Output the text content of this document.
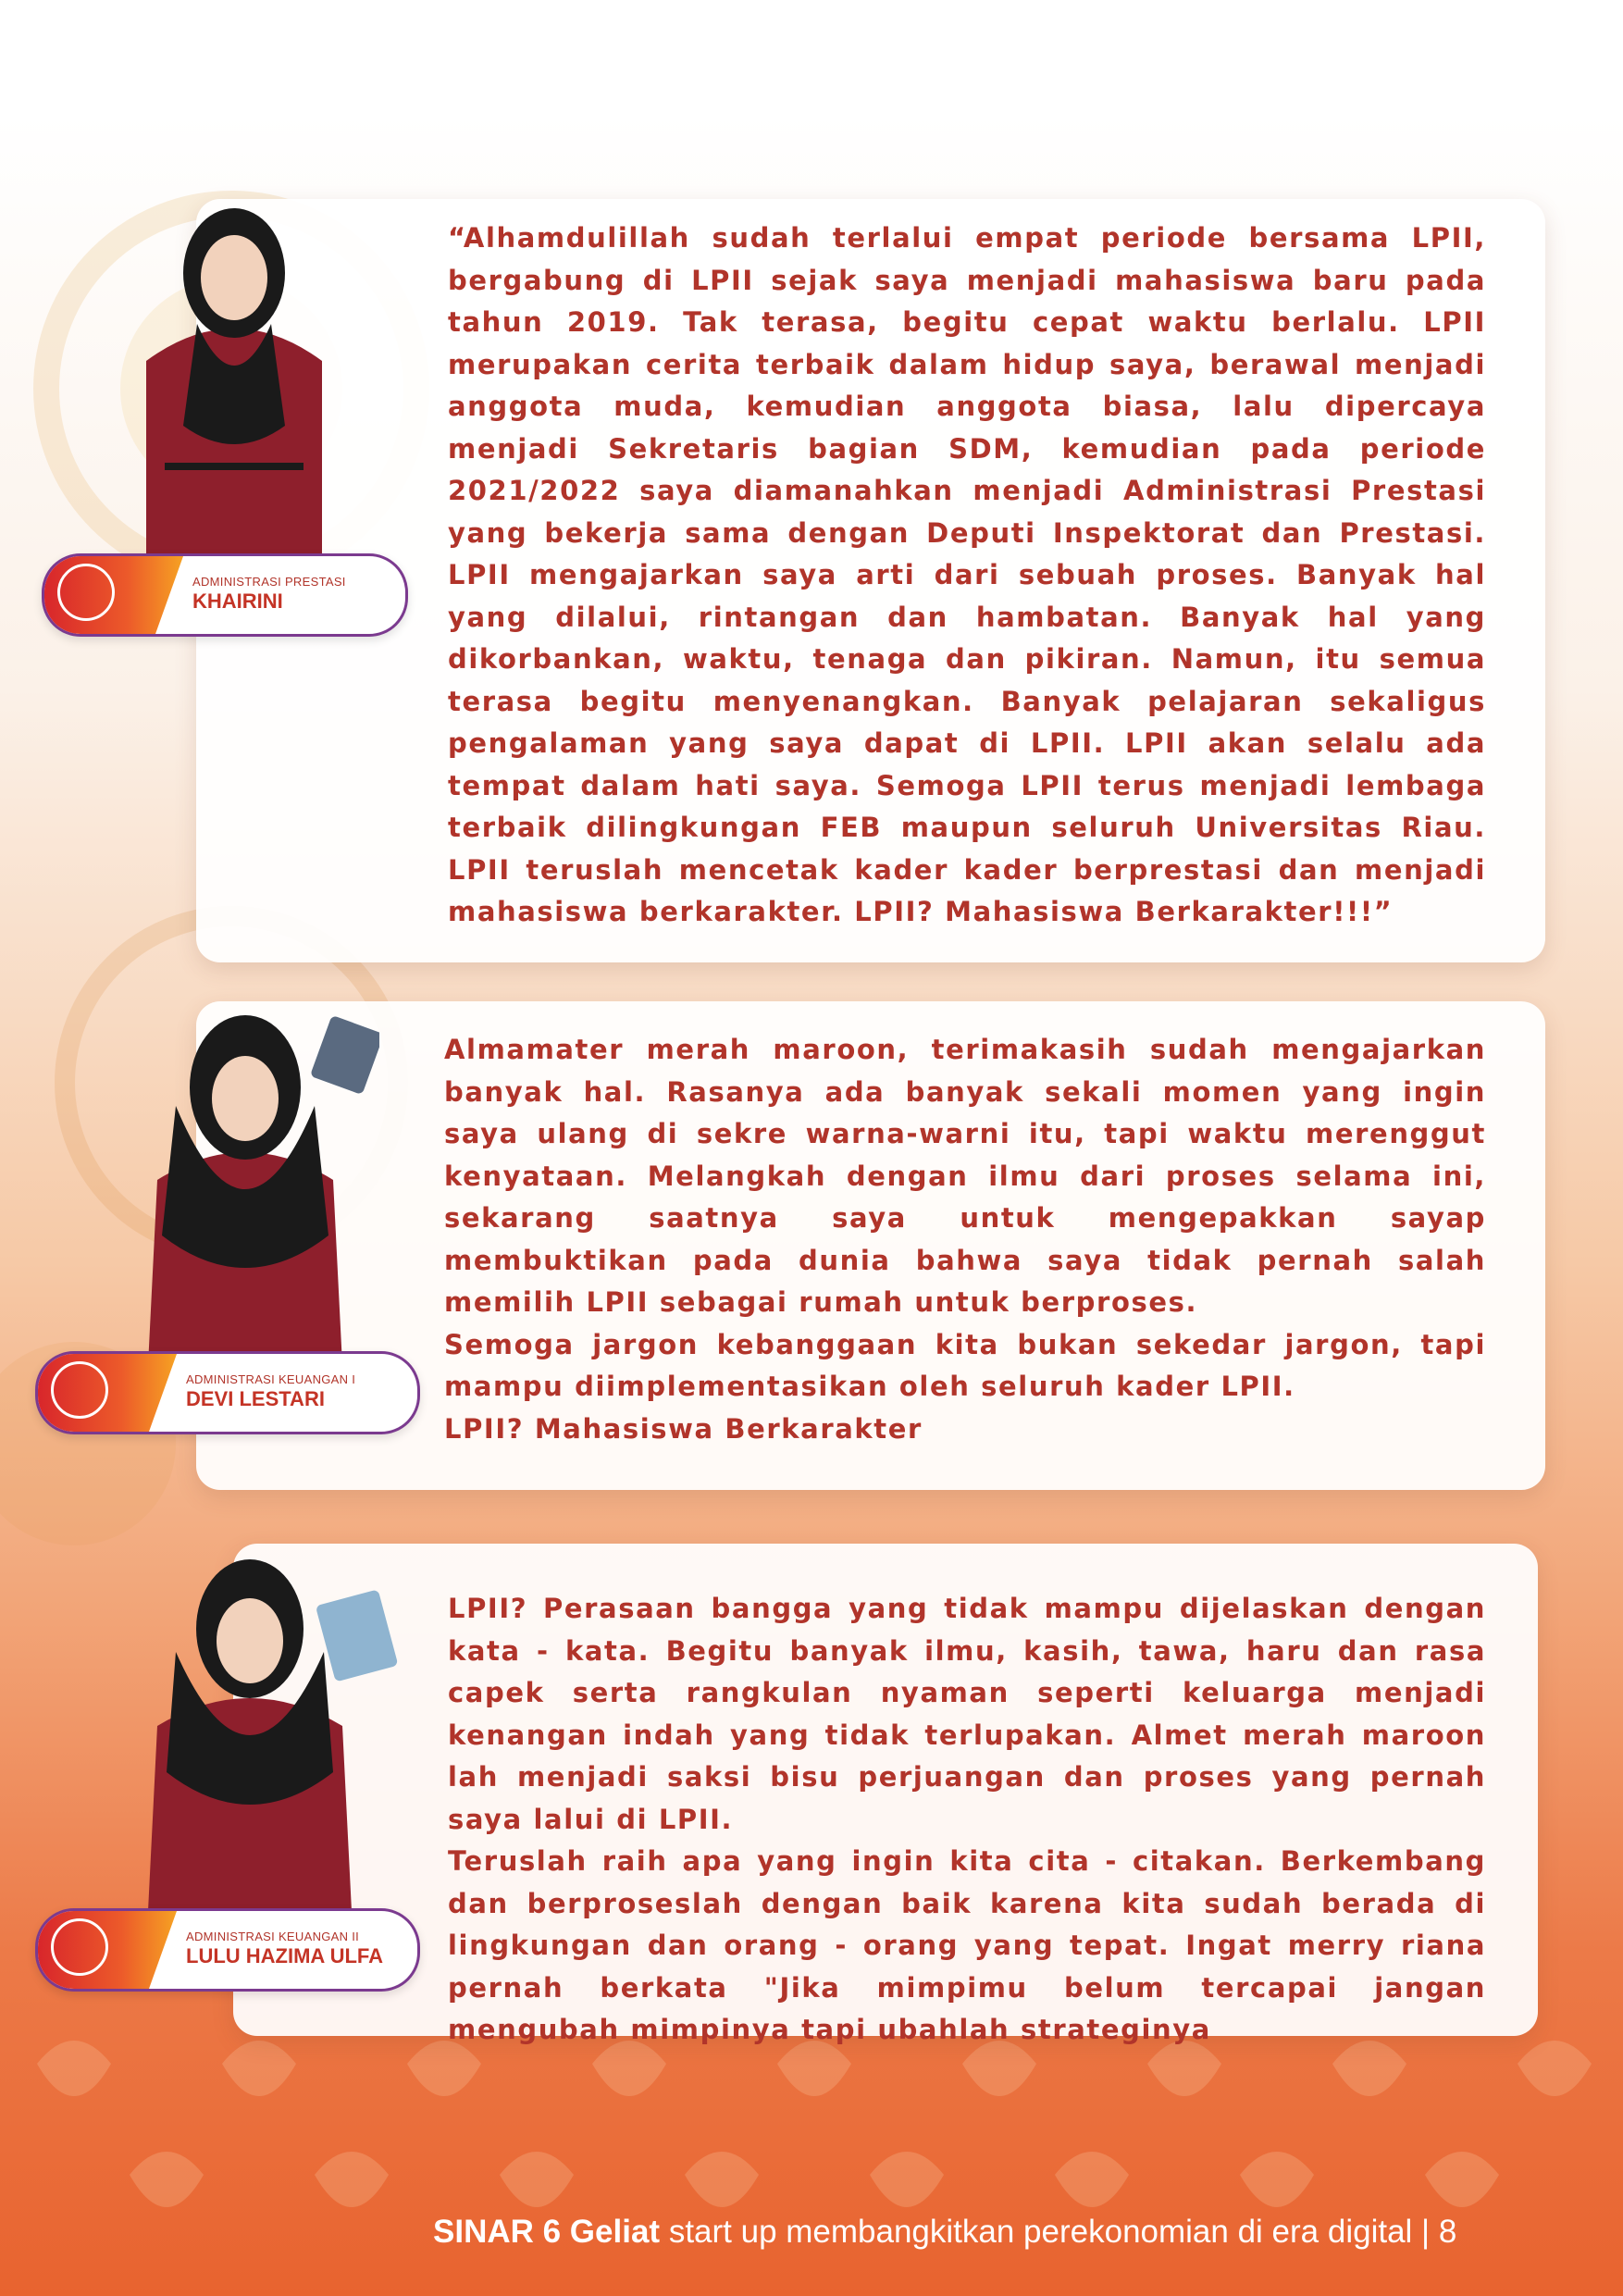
“Alhamdulillah sudah terlalui empat periode bersama LPII, bergabung di LPII sejak saya menjadi mahasiswa baru pada tahun 2019. Tak terasa, begitu cepat waktu berlalu. LPII merupakan cerita terbaik dalam hidup saya, berawal menjadi anggota muda, kemudian anggota biasa, lalu dipercaya menjadi Sekretaris bagian SDM, kemudian pada periode 2021/2022 saya diamanahkan menjadi Administrasi Prestasi yang bekerja sama dengan Deputi Inspektorat dan Prestasi. LPII mengajarkan saya arti dari sebuah proses. Banyak hal yang dilalui, rintangan dan hambatan. Banyak hal yang dikorbankan, waktu, tenaga dan pikiran. Namun, itu semua terasa begitu menyenangkan. Banyak pelajaran sekaligus pengalaman yang saya dapat di LPII. LPII akan selalu ada tempat dalam hati saya. Semoga LPII terus menjadi lembaga terbaik dilingkungan FEB maupun seluruh Universitas Riau. LPII teruslah mencetak kader kader berprestasi dan menjadi mahasiswa berkarakter. LPII? Mahasiswa Berkarakter!!!”

ADMINISTRASI PRESTASI
KHAIRINI

Almamater merah maroon, terimakasih sudah mengajarkan banyak hal. Rasanya ada banyak sekali momen yang ingin saya ulang di sekre warna-warni itu, tapi waktu merenggut kenyataan. Melangkah dengan ilmu dari proses selama ini, sekarang saatnya saya untuk mengepakkan sayap membuktikan pada dunia bahwa saya tidak pernah salah memilih LPII sebagai rumah untuk berproses.

Semoga jargon kebanggaan kita bukan sekedar jargon, tapi mampu diimplementasikan oleh seluruh kader LPII.

LPII? Mahasiswa Berkarakter

ADMINISTRASI KEUANGAN I
DEVI LESTARI

LPII? Perasaan bangga yang tidak mampu dijelaskan dengan kata - kata. Begitu banyak ilmu, kasih, tawa, haru dan rasa capek serta rangkulan nyaman seperti keluarga menjadi kenangan indah yang tidak terlupakan. Almet merah maroon lah menjadi saksi bisu perjuangan dan proses yang pernah saya lalui di LPII.

Teruslah raih apa yang ingin kita cita - citakan. Berkembang dan berproseslah dengan baik karena kita sudah berada di lingkungan dan orang - orang yang tepat. Ingat merry riana pernah berkata "Jika mimpimu belum tercapai jangan mengubah mimpinya tapi ubahlah strateginya

ADMINISTRASI KEUANGAN II
LULU HAZIMA ULFA
SINAR 6 Geliat start up membangkitkan perekonomian di era digital | 8
